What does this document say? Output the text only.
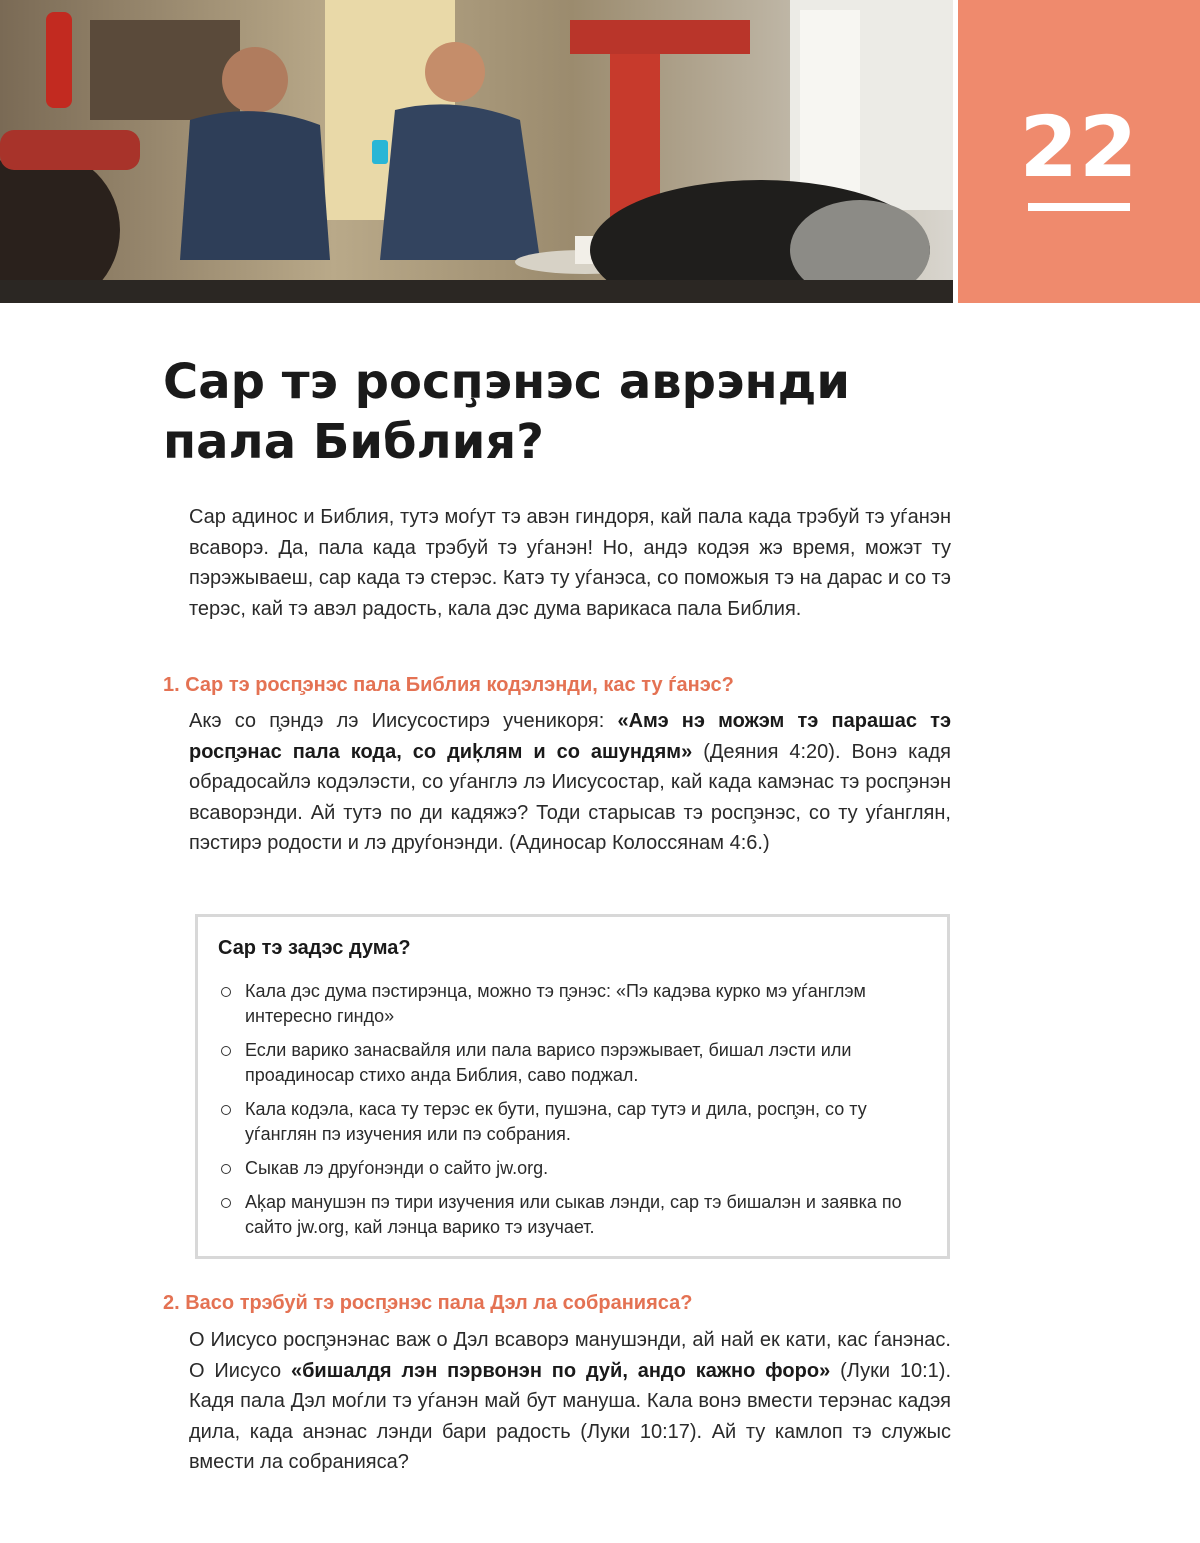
22
Сар тэ росп̧энэс аврэнди
пала Библия?

Сар адинос и Библия, тутэ моѓут тэ авэн гиндоря, кай пала када трэбуй тэ уѓанэн всаворэ. Да, пала када трэбуй тэ уѓанэн! Но, андэ кодэя жэ время, можэт ту пэрэжываеш, сар када тэ стерэс. Катэ ту уѓанэса, со поможыя тэ на дарас и со тэ терэс, кай тэ авэл радость, кала дэс дума варикаса пала Библия.

1. Сар тэ росп̧энэс пала Библия кодэлэнди, кас ту ѓанэс?

Акэ со п̧эндэ лэ Иисусостирэ ученикоря: «Амэ нэ можэм тэ парашас тэ росп̧энас пала кода, со диķлям и со ашундям» (Деяния 4:20). Вонэ кадя обрадосайлэ кодэлэсти, со уѓанглэ лэ Иисусостар, кай када камэнас тэ росп̧энэн всаворэнди. Ай тутэ по ди кадяжэ? Тоди старысав тэ росп̧энэс, со ту уѓанглян, пэстирэ родости и лэ друѓонэнди. (Адиносар Колоссянам 4:6.)

Сар тэ задэс дума?
Кала дэс дума пэстирэнца, можно тэ п̧энэс: «Пэ кадэва курко мэ уѓанглэм интересно гиндо»
Если варико занасвайля или пала варисо пэрэжывает, бишал лэсти или проадиносар стихо анда Библия, саво поджал.
Кала кодэла, каса ту терэс ек бути, пушэна, сар тутэ и дила, росп̧эн, со ту уѓанглян пэ изучения или пэ собрания.
Сыкав лэ друѓонэнди о сайто jw.org.
Аķар манушэн пэ тири изучения или сыкав лэнди, сар тэ бишалэн и заявка по сайто jw.org, кай лэнца варико тэ изучает.
2. Васо трэбуй тэ росп̧энэс пала Дэл ла собранияса?

О Иисусо росп̧энэнас важ о Дэл всаворэ манушэнди, ай най ек кати, кас ѓанэнас. О Иисусо «бишалдя лэн пэрвонэн по дуй, андо кажно форо» (Луки 10:1). Кадя пала Дэл моѓли тэ уѓанэн май бут мануша. Кала вонэ вмести терэнас кадэя дила, када анэнас лэнди бари радость (Луки 10:17). Ай ту камлоп тэ служыс вмести ла собранияса?
